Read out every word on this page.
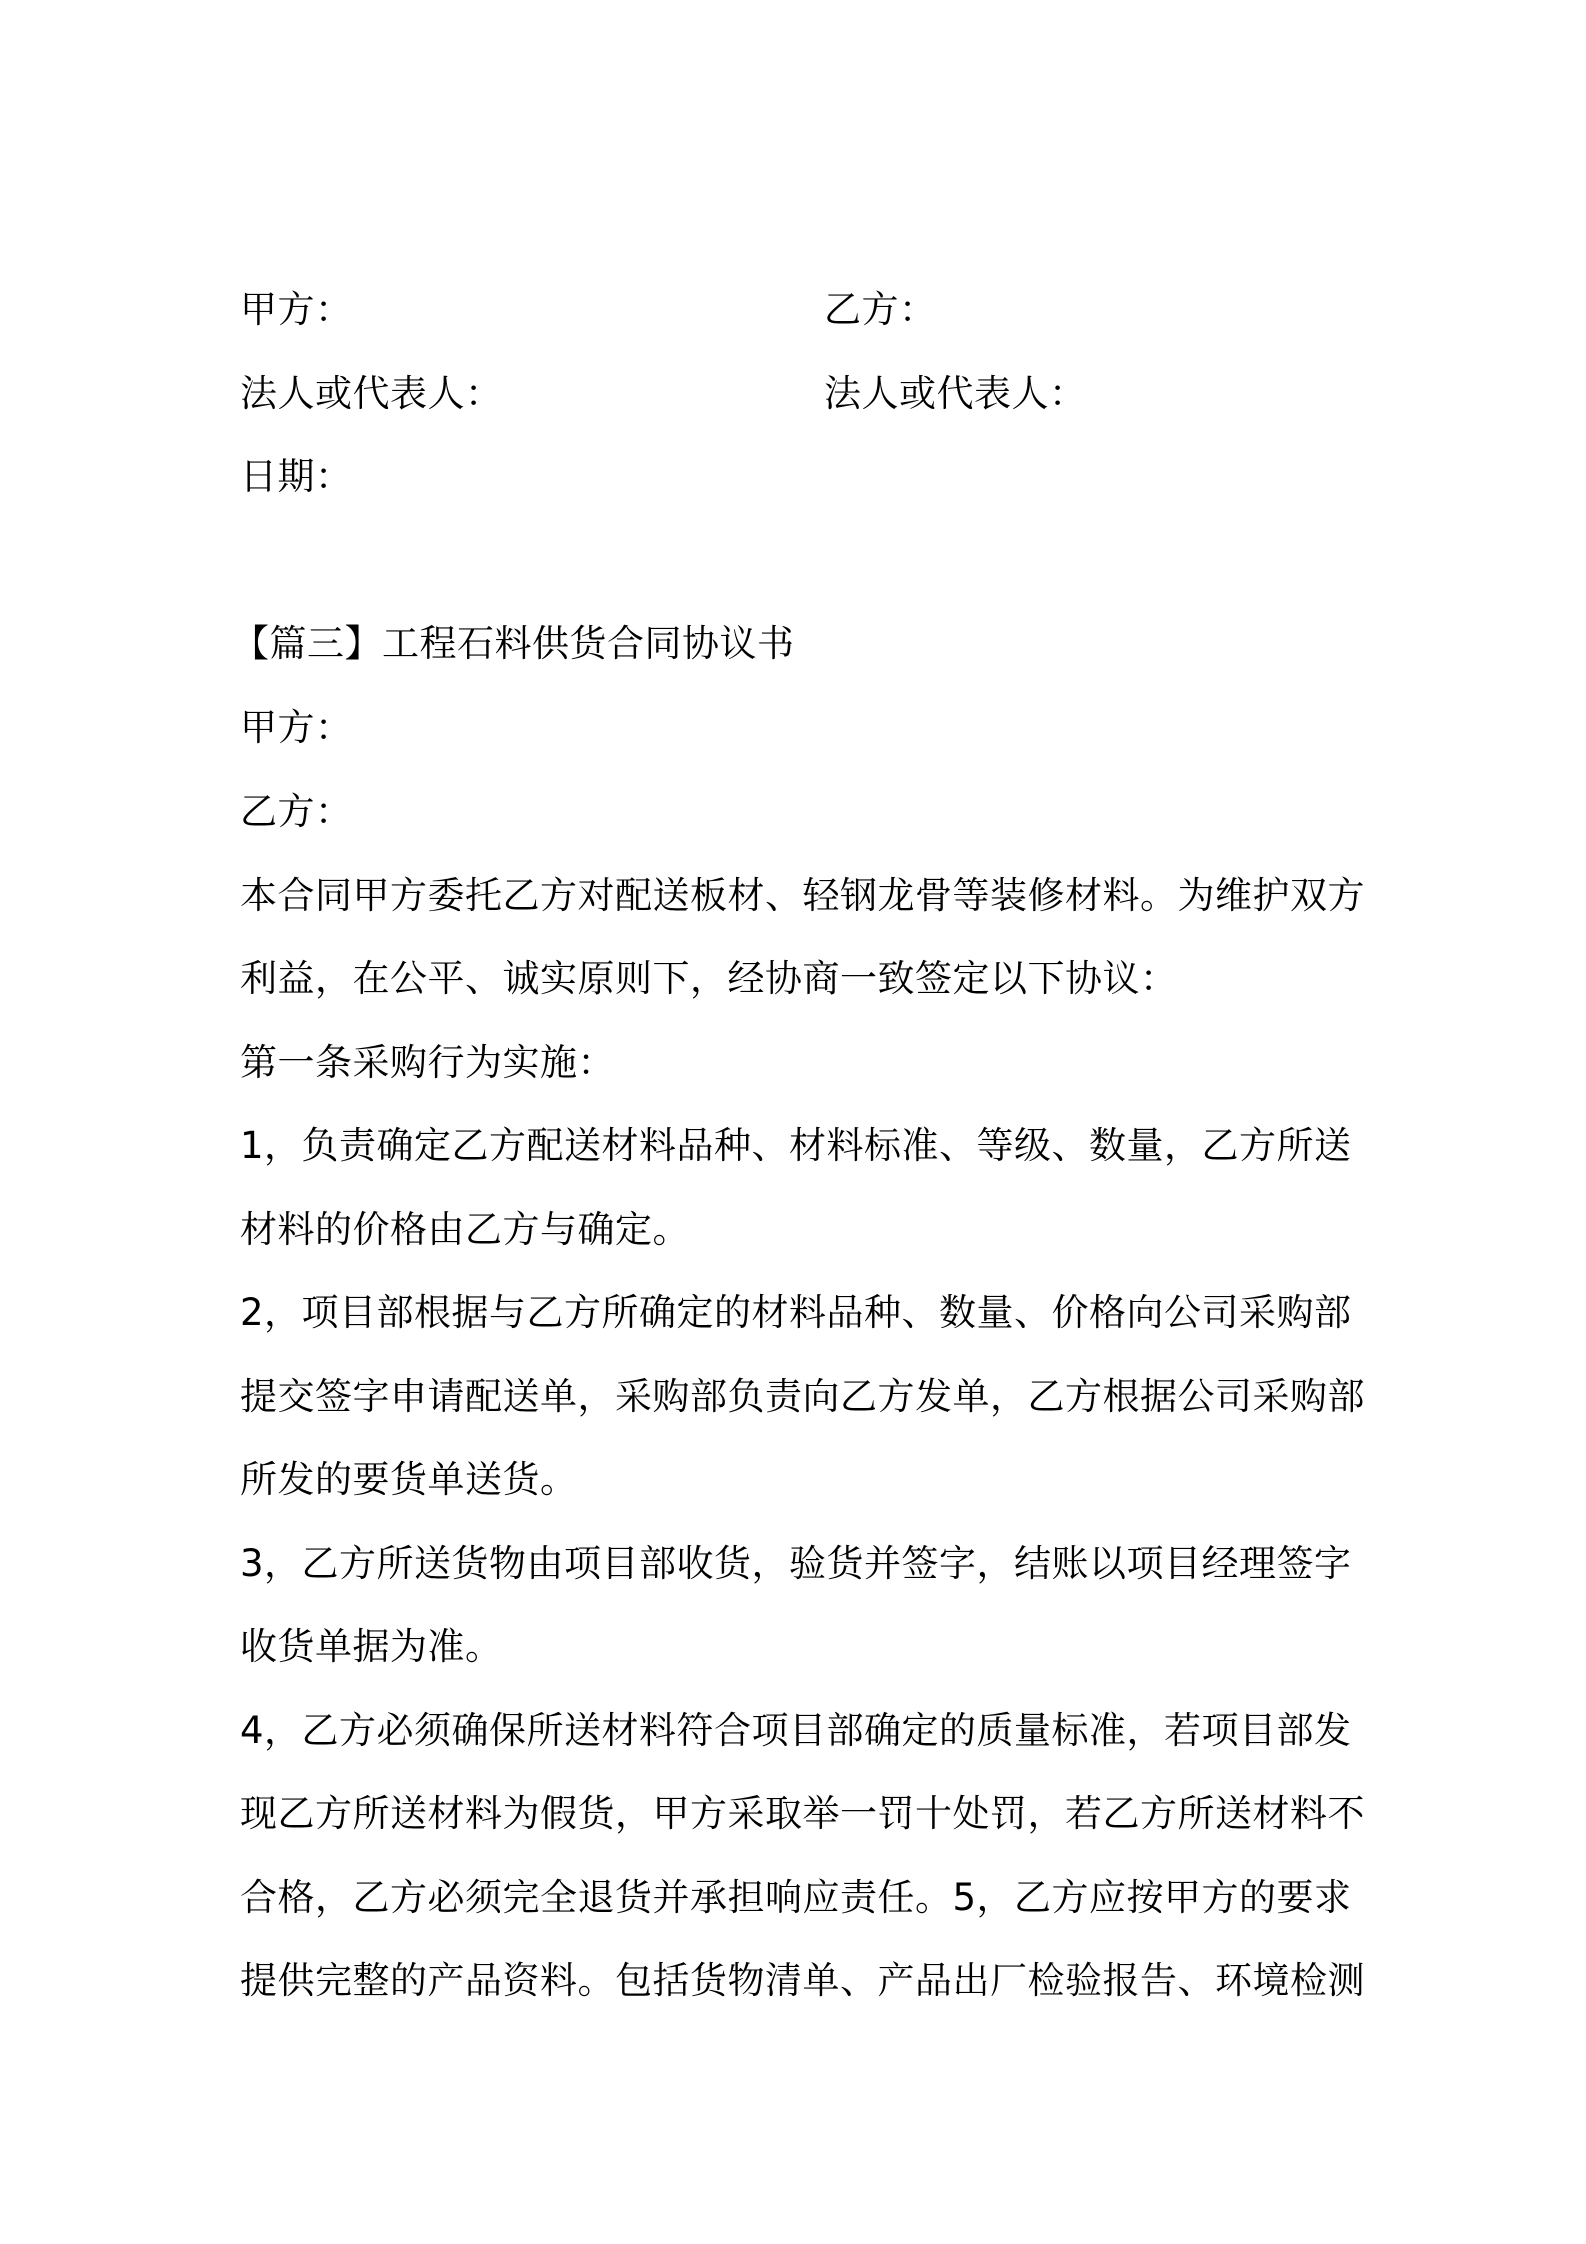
甲方：	乙方：
法人或代表人：	法人或代表人：
日期：
【篇三】工程石料供货合同协议书
甲方：
乙方：
本合同甲方委托乙方对配送板材、轻钢龙骨等装修材料。为维护双方
利益，在公平、诚实原则下，经协商一致签定以下协议：
第一条采购行为实施：
1，负责确定乙方配送材料品种、材料标准、等级、数量，乙方所送
材料的价格由乙方与确定。
2，项目部根据与乙方所确定的材料品种、数量、价格向公司采购部
提交签字申请配送单，采购部负责向乙方发单，乙方根据公司采购部
所发的要货单送货。
3，乙方所送货物由项目部收货，验货并签字，结账以项目经理签字
收货单据为准。
4，乙方必须确保所送材料符合项目部确定的质量标准，若项目部发
现乙方所送材料为假货，甲方采取举一罚十处罚，若乙方所送材料不
合格，乙方必须完全退货并承担响应责任。5，乙方应按甲方的要求
提供完整的产品资料。包括货物清单、产品出厂检验报告、环境检测
